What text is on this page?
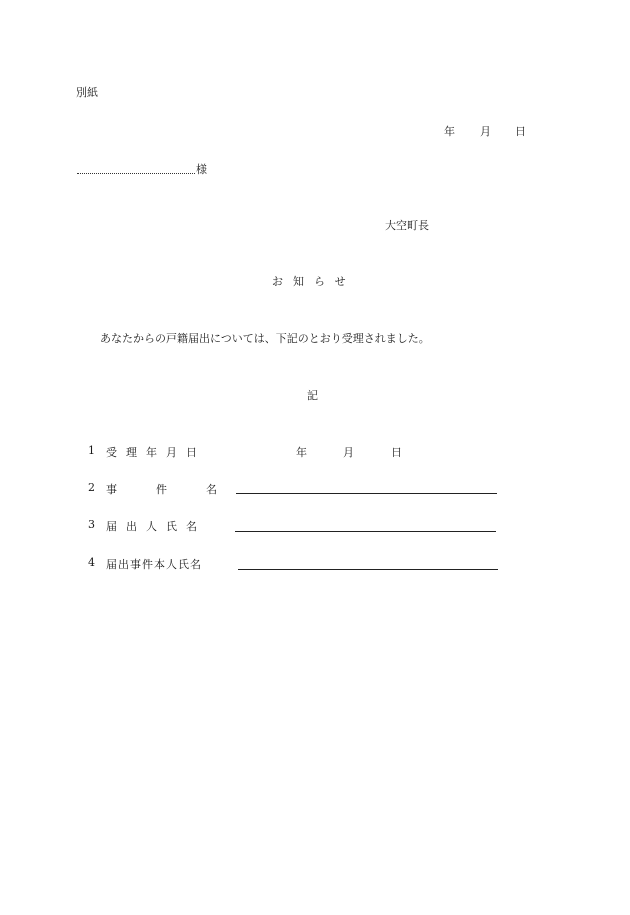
別紙
年 月 日
様
大空町長
お知らせ
あなたからの戸籍届出については、下記のとおり受理されました。
記
1 受理年月日	年	月	日
2 事	件	名
3 届出人氏名
4 届出事件本人氏名
